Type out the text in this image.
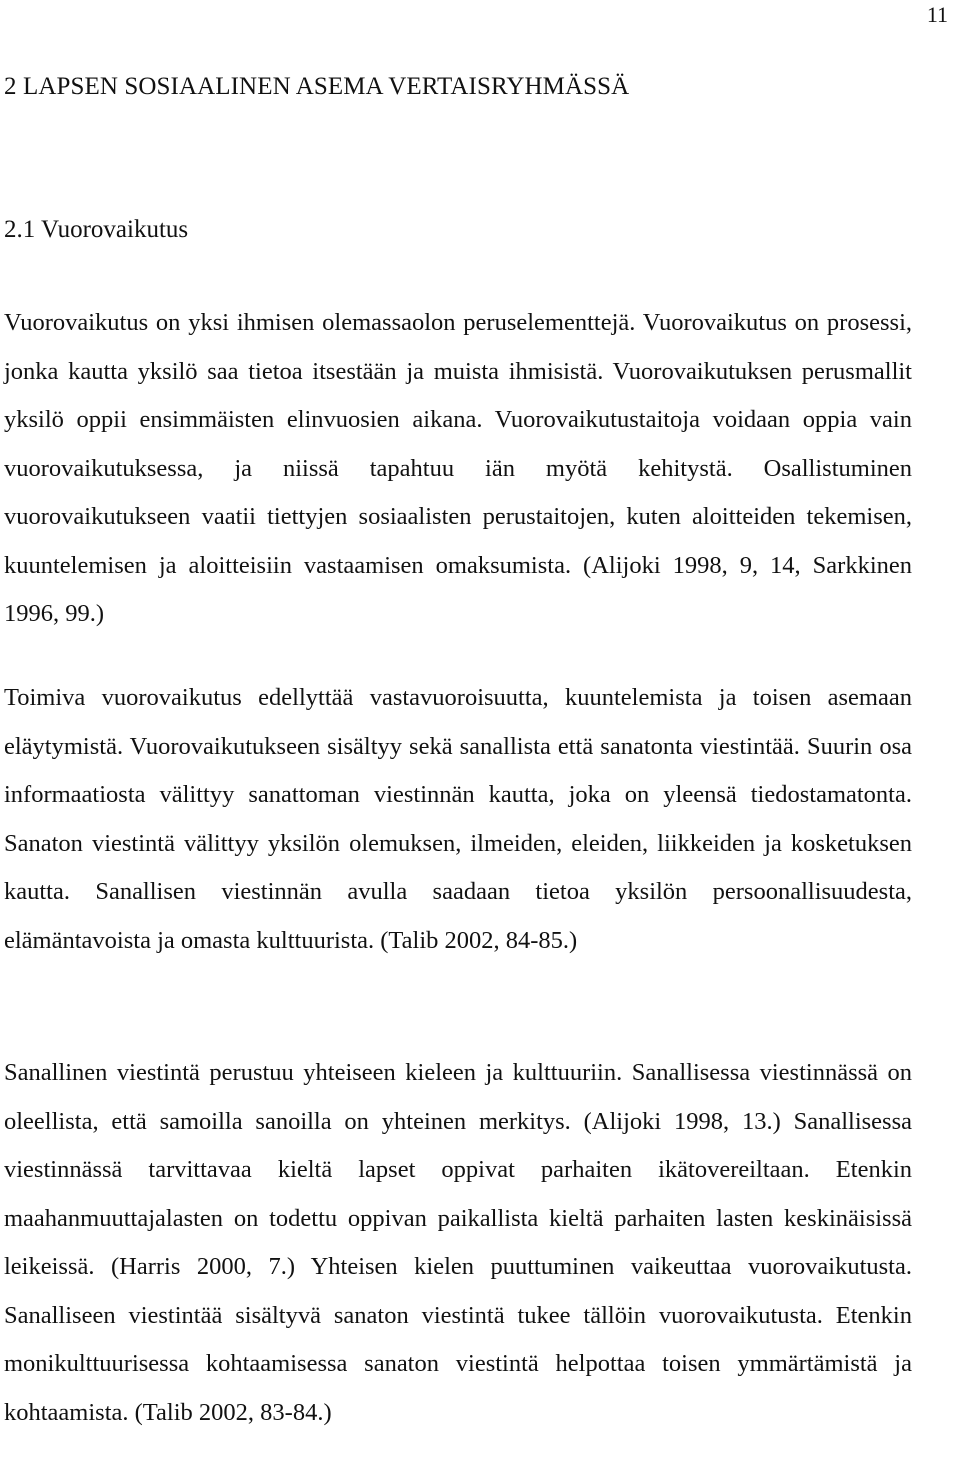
11
2 LAPSEN SOSIAALINEN ASEMA VERTAISRYHMÄSSÄ
2.1 Vuorovaikutus

Vuorovaikutus on yksi ihmisen olemassaolon peruselementtejä. Vuorovaikutus on prosessi, jonka kautta yksilö saa tietoa itsestään ja muista ihmisistä. Vuorovaikutuksen perusmallit yksilö oppii ensimmäisten elinvuosien aikana. Vuorovaikutustaitoja voidaan oppia vain vuorovaikutuksessa, ja niissä tapahtuu iän myötä kehitystä. Osallistuminen vuorovaikutukseen vaatii tiettyjen sosiaalisten perustaitojen, kuten aloitteiden tekemisen, kuuntelemisen ja aloitteisiin vastaamisen omaksumista. (Alijoki 1998, 9, 14, Sarkkinen 1996, 99.)

Toimiva vuorovaikutus edellyttää vastavuoroisuutta, kuuntelemista ja toisen asemaan eläytymistä. Vuorovaikutukseen sisältyy sekä sanallista että sanatonta viestintää. Suurin osa informaatiosta välittyy sanattoman viestinnän kautta, joka on yleensä tiedostamatonta. Sanaton viestintä välittyy yksilön olemuksen, ilmeiden, eleiden, liikkeiden ja kosketuksen kautta. Sanallisen viestinnän avulla saadaan tietoa yksilön persoonallisuudesta, elämäntavoista ja omasta kulttuurista. (Talib 2002, 84-85.)

Sanallinen viestintä perustuu yhteiseen kieleen ja kulttuuriin. Sanallisessa viestinnässä on oleellista, että samoilla sanoilla on yhteinen merkitys. (Alijoki 1998, 13.) Sanallisessa viestinnässä tarvittavaa kieltä lapset oppivat parhaiten ikätovereiltaan. Etenkin maahanmuuttajalasten on todettu oppivan paikallista kieltä parhaiten lasten keskinäisissä leikeissä. (Harris 2000, 7.) Yhteisen kielen puuttuminen vaikeuttaa vuorovaikutusta. Sanalliseen viestintää sisältyvä sanaton viestintä tukee tällöin vuorovaikutusta. Etenkin monikulttuurisessa kohtaamisessa sanaton viestintä helpottaa toisen ymmärtämistä ja kohtaamista. (Talib 2002, 83-84.)
